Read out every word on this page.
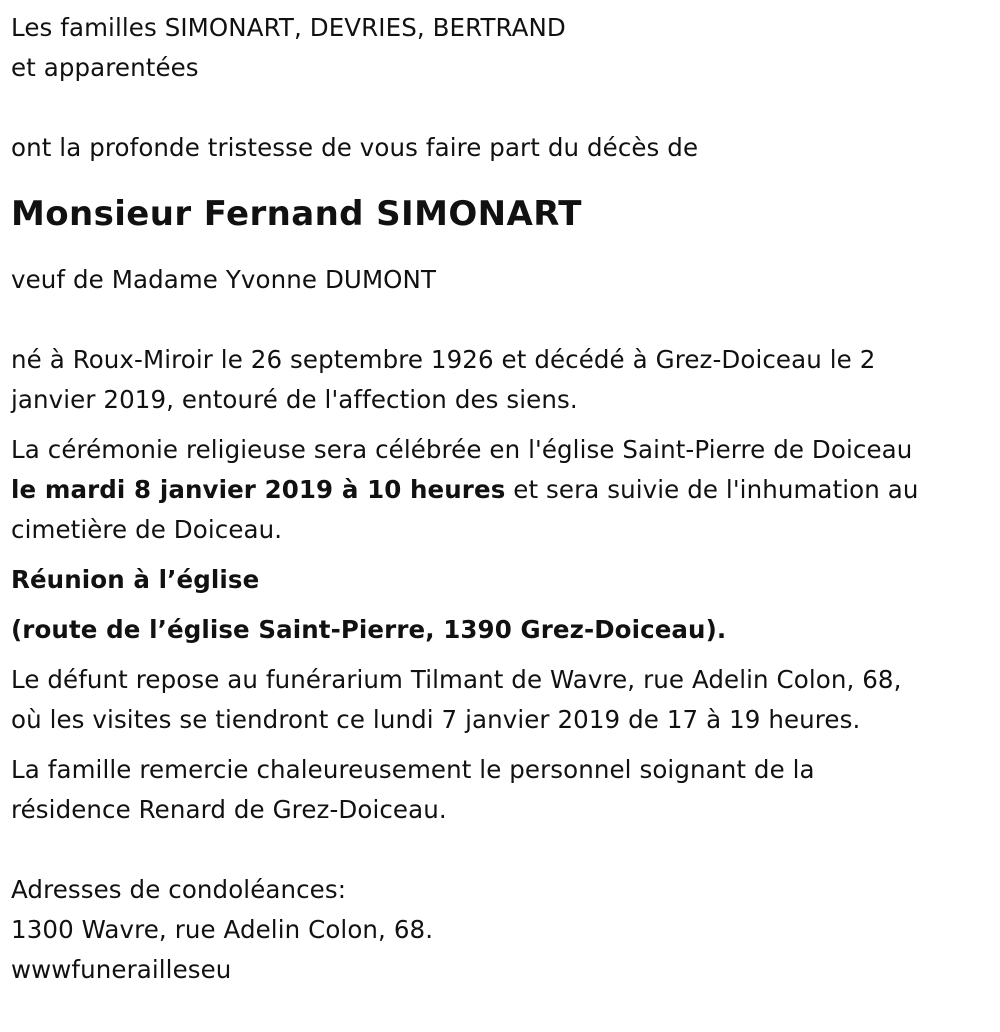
Les familles SIMONART, DEVRIES, BERTRAND
et apparentées
ont la profonde tristesse de vous faire part du décès de
Monsieur Fernand SIMONART
veuf de Madame Yvonne DUMONT
né à Roux-Miroir le 26 septembre 1926 et décédé à Grez-Doiceau le 2
janvier 2019, entouré de l'affection des siens.
La cérémonie religieuse sera célébrée en l'église Saint-Pierre de Doiceau
le mardi 8 janvier 2019 à 10 heures et sera suivie de l'inhumation au
cimetière de Doiceau.
Réunion à l’église
(route de l’église Saint-Pierre, 1390 Grez-Doiceau).
Le défunt repose au funérarium Tilmant de Wavre, rue Adelin Colon, 68,
où les visites se tiendront ce lundi 7 janvier 2019 de 17 à 19 heures.
La famille remercie chaleureusement le personnel soignant de la
résidence Renard de Grez-Doiceau.
Adresses de condoléances:
1300 Wavre, rue Adelin Colon, 68.
wwwfunerailleseu
